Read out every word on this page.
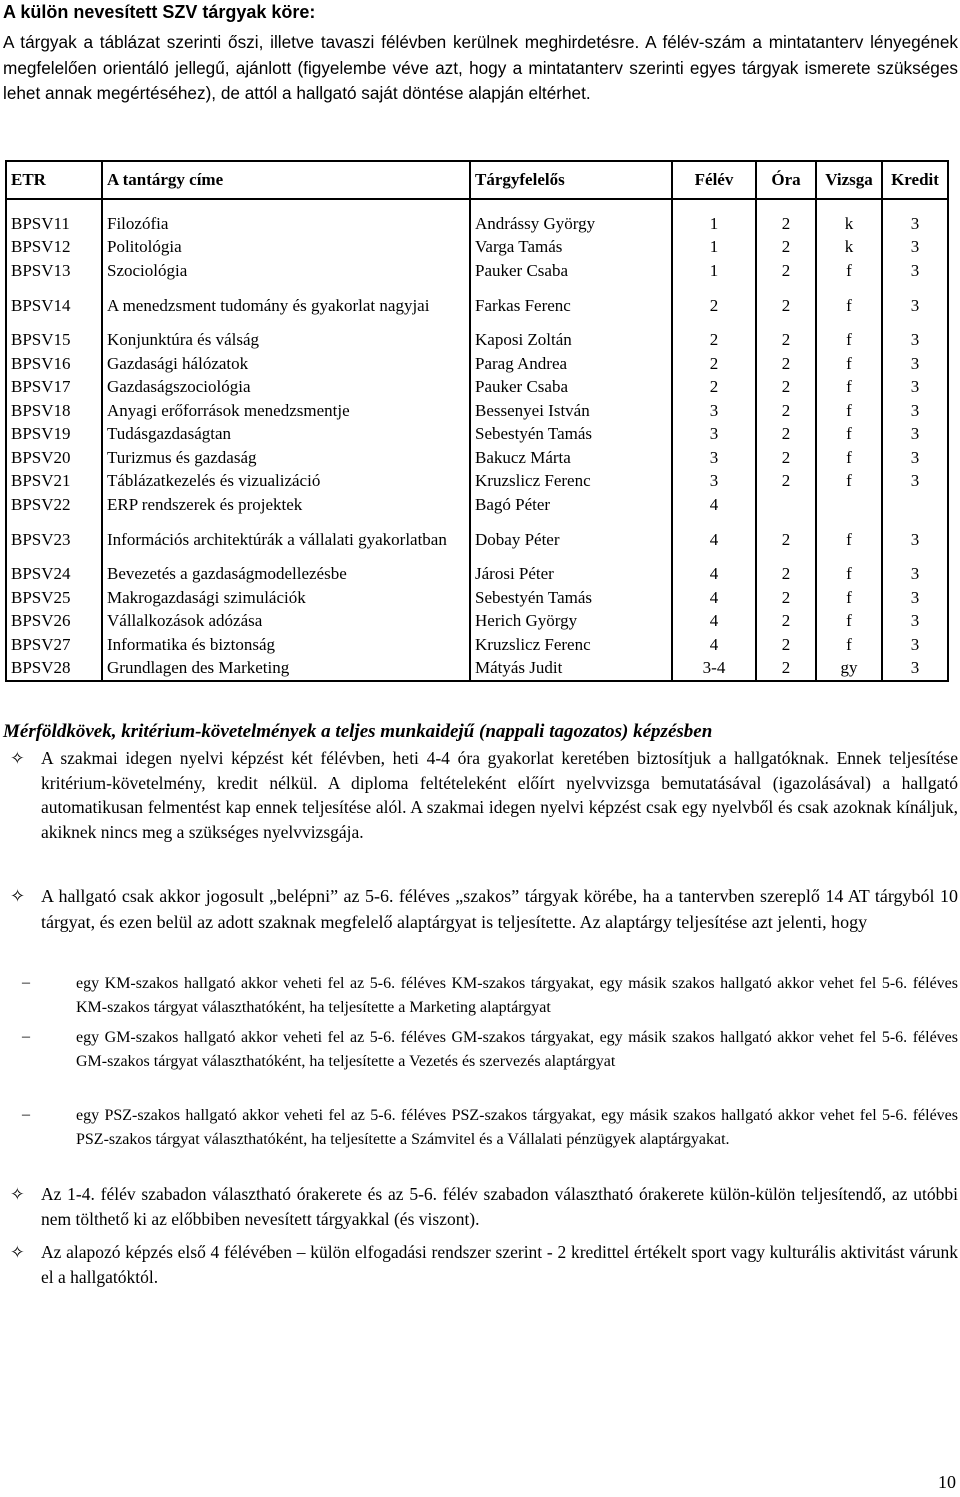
A külön nevesített SZV tárgyak köre:
A tárgyak a táblázat szerinti őszi, illetve tavaszi félévben kerülnek meghirdetésre. A félév-szám a mintatanterv lényegének megfelelően orientáló jellegű, ajánlott (figyelembe véve azt, hogy a mintatanterv szerinti egyes tárgyak ismerete szükséges lehet annak megértéséhez), de attól a hallgató saját döntése alapján eltérhet.
ETR	A tantárgy címe	Tárgyfelelős	Félév	Óra	Vizsga	Kredit

BPSV11	Filozófia	Andrássy György	1	2	k	3
BPSV12	Politológia	Varga Tamás	1	2	k	3
BPSV13	Szociológia	Pauker Csaba	1	2	f	3
BPSV14	A menedzsment tudomány és gyakorlat nagyjai	Farkas Ferenc	2	2	f	3
BPSV15	Konjunktúra és válság	Kaposi Zoltán	2	2	f	3
BPSV16	Gazdasági hálózatok	Parag Andrea	2	2	f	3
BPSV17	Gazdaságszociológia	Pauker Csaba	2	2	f	3
BPSV18	Anyagi erőforrások menedzsmentje	Bessenyei István	3	2	f	3
BPSV19	Tudásgazdaságtan	Sebestyén Tamás	3	2	f	3
BPSV20	Turizmus és gazdaság	Bakucz Márta	3	2	f	3
BPSV21	Táblázatkezelés és vizualizáció	Kruzslicz Ferenc	3	2	f	3
BPSV22	ERP rendszerek és projektek	Bagó Péter	4			
BPSV23	Információs architektúrák a vállalati gyakorlatban	Dobay Péter	4	2	f	3
BPSV24	Bevezetés a gazdaságmodellezésbe	Járosi Péter	4	2	f	3
BPSV25	Makrogazdasági szimulációk	Sebestyén Tamás	4	2	f	3
BPSV26	Vállalkozások adózása	Herich György	4	2	f	3
BPSV27	Informatika és biztonság	Kruzslicz Ferenc	4	2	f	3
BPSV28	Grundlagen des Marketing	Mátyás Judit	3-4	2	gy	3
Mérföldkövek, kritérium-követelmények a teljes munkaidejű (nappali tagozatos) képzésben
✧ A szakmai idegen nyelvi képzést két félévben, heti 4-4 óra gyakorlat keretében biztosítjuk a hallgatóknak. Ennek teljesítése kritérium-követelmény, kredit nélkül. A diploma feltételeként előírt nyelvvizsga bemutatásával (igazolásával) a hallgató automatikusan felmentést kap ennek teljesítése alól. A szakmai idegen nyelvi képzést csak egy nyelvből és csak azoknak kínáljuk, akiknek nincs meg a szükséges nyelvvizsgája.
✧ A hallgató csak akkor jogosult „belépni” az 5-6. féléves „szakos” tárgyak körébe, ha a tantervben szereplő 14 AT tárgyból 10 tárgyat, és ezen belül az adott szaknak megfelelő alaptárgyat is teljesítette. Az alaptárgy teljesítése azt jelenti, hogy
–	egy KM-szakos hallgató akkor veheti fel az 5-6. féléves KM-szakos tárgyakat, egy másik szakos hallgató akkor vehet fel 5-6. féléves KM-szakos tárgyat választhatóként, ha teljesítette a Marketing alaptárgyat
–	egy GM-szakos hallgató akkor veheti fel az 5-6. féléves GM-szakos tárgyakat, egy másik szakos hallgató akkor vehet fel 5-6. féléves GM-szakos tárgyat választhatóként, ha teljesítette a Vezetés és szervezés alaptárgyat
–	egy PSZ-szakos hallgató akkor veheti fel az 5-6. féléves PSZ-szakos tárgyakat, egy másik szakos hallgató akkor vehet fel 5-6. féléves PSZ-szakos tárgyat választhatóként, ha teljesítette a Számvitel és a Vállalati pénzügyek alaptárgyakat.
✧ Az 1-4. félév szabadon választható órakerete és az 5-6. félév szabadon választható órakerete külön-külön teljesítendő, az utóbbi nem tölthető ki az előbbiben nevesített tárgyakkal (és viszont).
✧ Az alapozó képzés első 4 félévében – külön elfogadási rendszer szerint - 2 kredittel értékelt sport vagy kulturális aktivitást várunk el a hallgatóktól.
10
